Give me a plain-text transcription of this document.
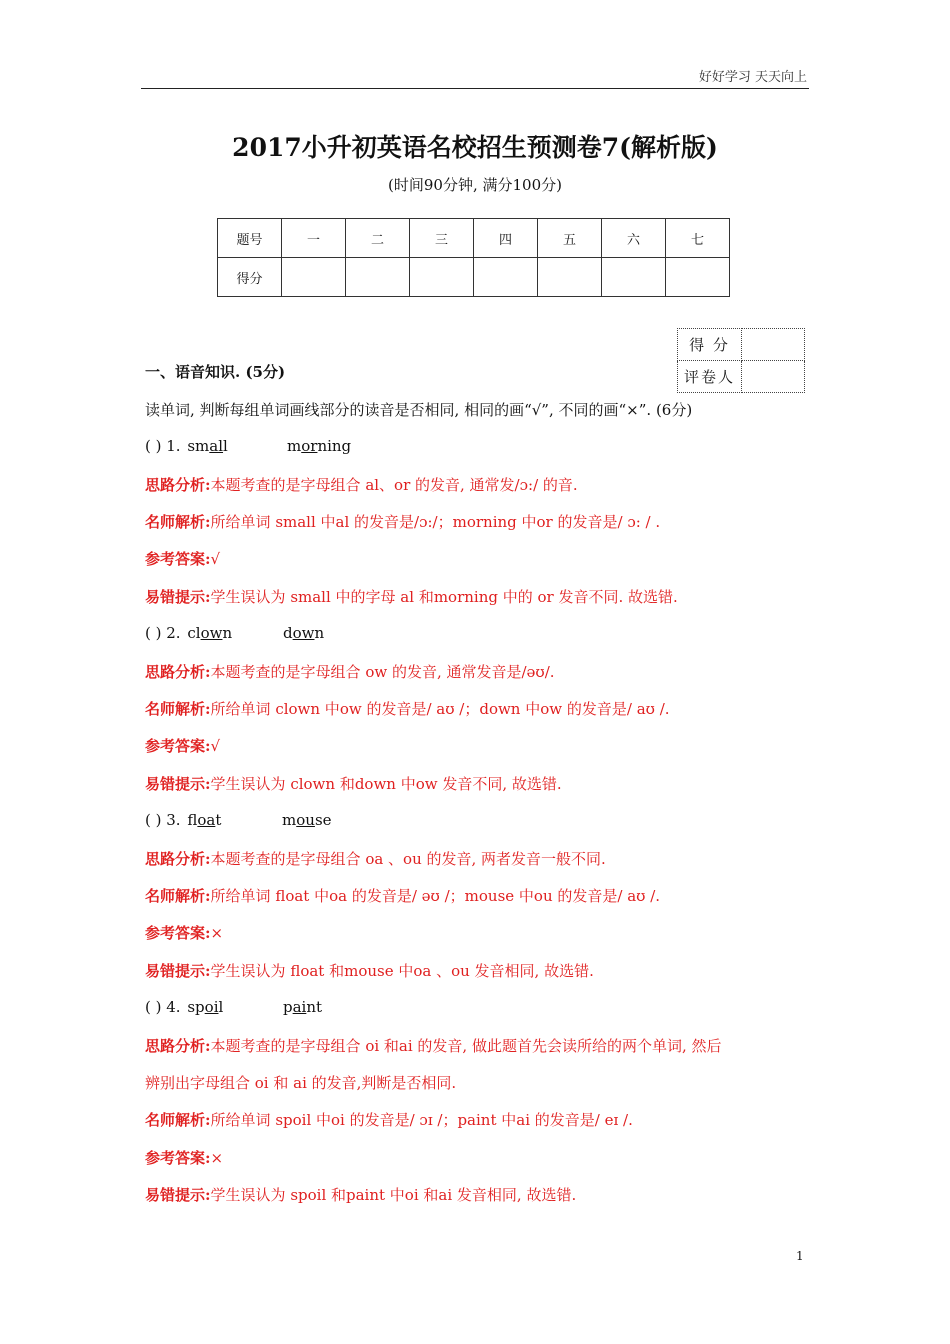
好好学习 天天向上
2017小升初英语名校招生预测卷7(解析版)
(时间90分钟, 满分100分)
题号	一	二	三	四	五	六	七
得分							
得 分	
评卷人	
一、语音知识. (5分)
读单词, 判断每组单词画线部分的读音是否相同, 相同的画“√”, 不同的画“×”. (6分)
( ) 1. small	morning
思路分析:本题考查的是字母组合 al、or 的发音, 通常发/ɔ:/ 的音.
名师解析:所给单词 small 中al 的发音是/ɔ:/；morning 中or 的发音是/ ɔ: / .
参考答案:√
易错提示:学生误认为 small 中的字母 al 和morning 中的 or 发音不同. 故选错.
( ) 2. clown	down
思路分析:本题考查的是字母组合 ow 的发音, 通常发音是/əʊ/.
名师解析:所给单词 clown 中ow 的发音是/ aʊ /；down 中ow 的发音是/ aʊ /.
参考答案:√
易错提示:学生误认为 clown 和down 中ow 发音不同, 故选错.
( ) 3. float	mouse
思路分析:本题考查的是字母组合 oa 、ou 的发音, 两者发音一般不同.
名师解析:所给单词 float 中oa 的发音是/ əʊ /；mouse 中ou 的发音是/ aʊ /.
参考答案:×
易错提示:学生误认为 float 和mouse 中oa 、ou 发音相同, 故选错.
( ) 4. spoil	paint
思路分析:本题考查的是字母组合 oi 和ai 的发音, 做此题首先会读所给的两个单词, 然后
辨别出字母组合 oi 和 ai 的发音,判断是否相同.
名师解析:所给单词 spoil 中oi 的发音是/ ɔɪ /；paint 中ai 的发音是/ eɪ /.
参考答案:×
易错提示:学生误认为 spoil 和paint 中oi 和ai 发音相同, 故选错.
1
